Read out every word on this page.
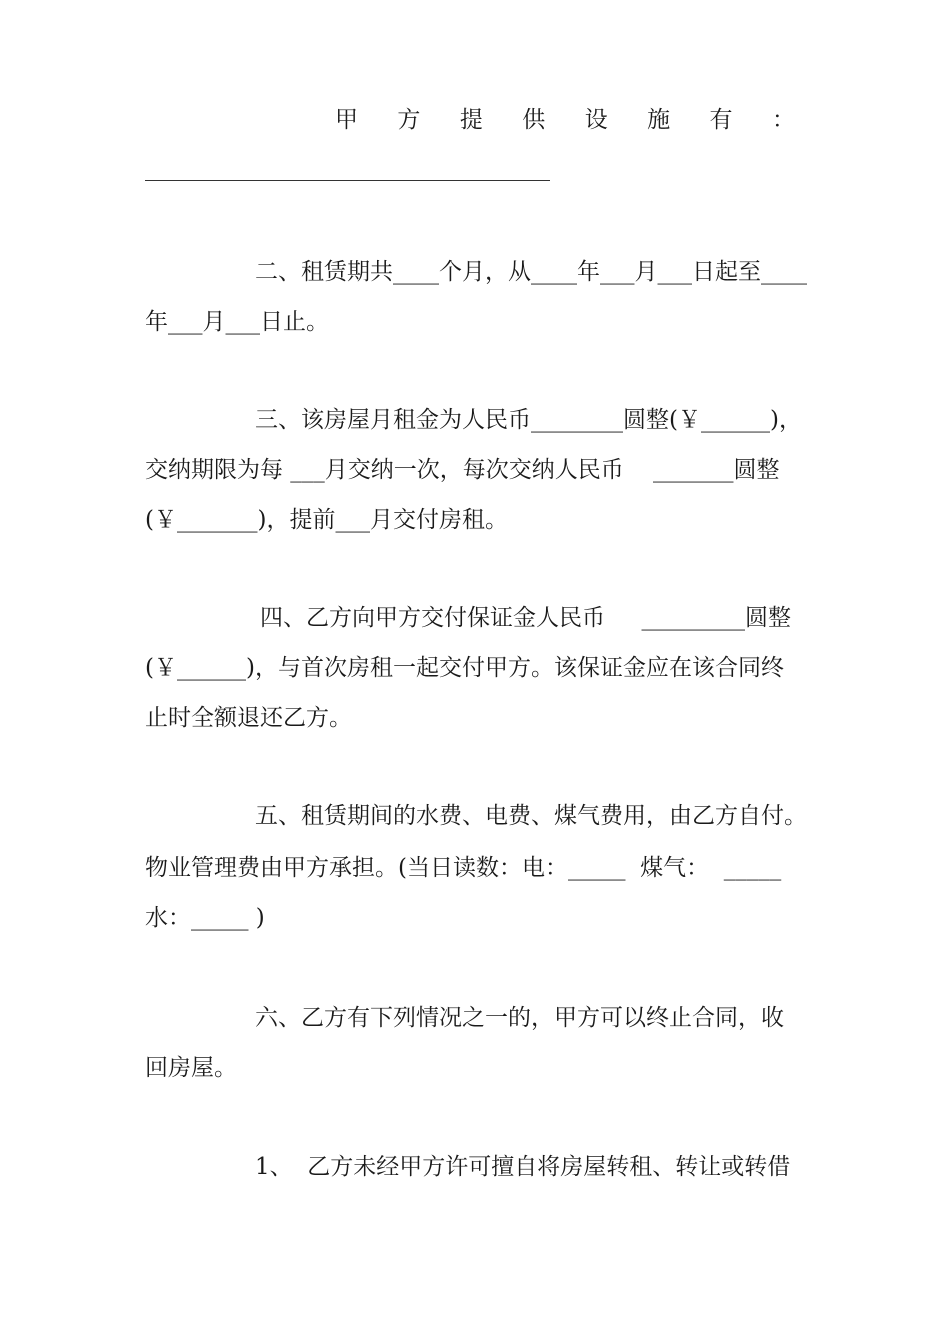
甲 方 提 供 设 施 有 ：
二、租赁期共____个月，从____年___月___日起至____
年___月___日止。
三、该房屋月租金为人民币________圆整(￥______)，
交纳期限为每 ___月交纳一次，每次交纳人民币    _______圆整
(￥_______)，提前___月交付房租。
四、乙方向甲方交付保证金人民币     _________圆整
(￥______)，与首次房租一起交付甲方。该保证金应在该合同终
止时全额退还乙方。
五、租赁期间的水费、电费、煤气费用，由乙方自付。
物业管理费由甲方承担。(当日读数：电：_____  煤气：  _____
水：_____ )
六、乙方有下列情况之一的，甲方可以终止合同，收
回房屋。
1、  乙方未经甲方许可擅自将房屋转租、转让或转借
